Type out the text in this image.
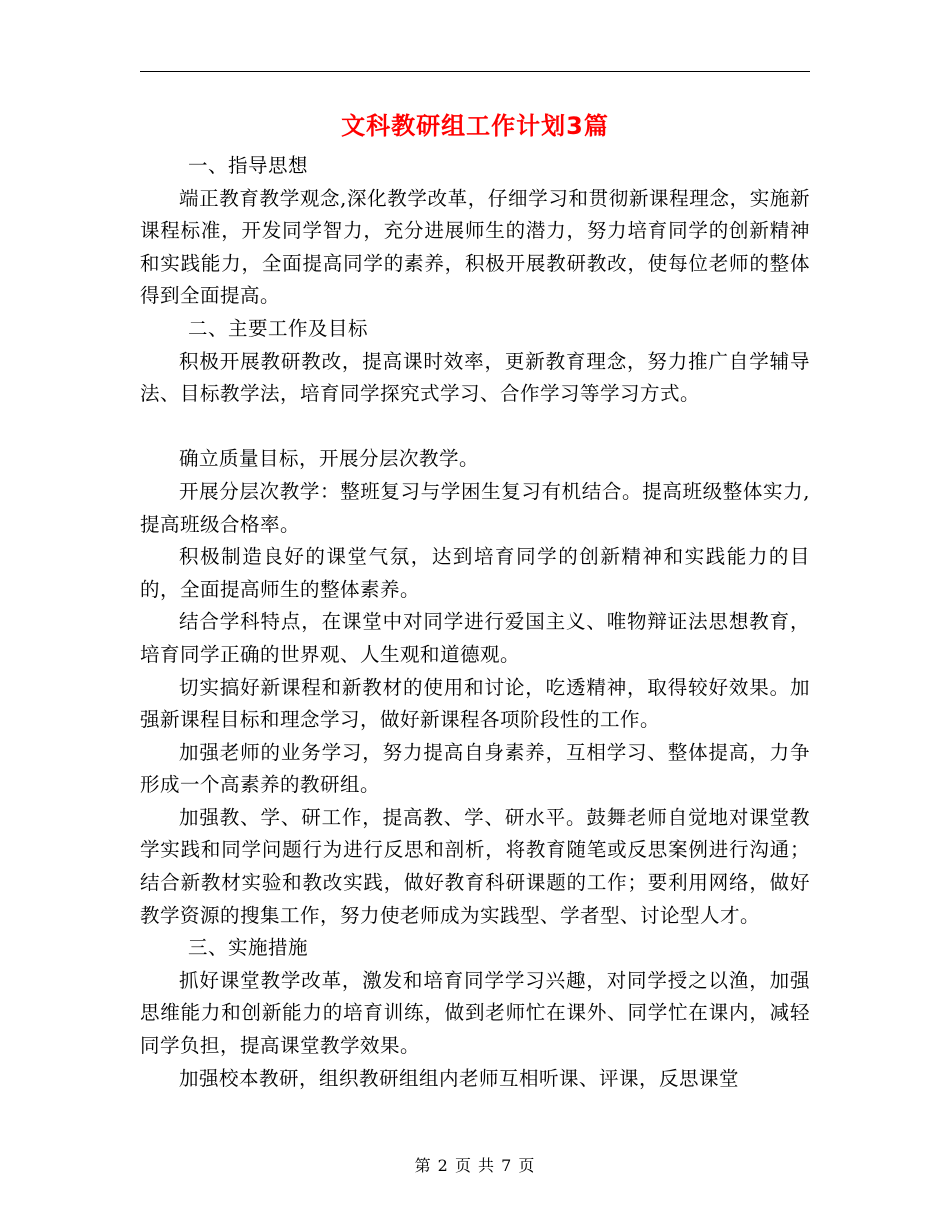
文科教研组工作计划3篇
一、指导思想
端正教育教学观念,深化教学改革，仔细学习和贯彻新课程理念，实施新课程标准，开发同学智力，充分进展师生的潜力，努力培育同学的创新精神和实践能力，全面提高同学的素养，积极开展教研教改，使每位老师的整体得到全面提高。
二、主要工作及目标
积极开展教研教改，提高课时效率，更新教育理念，努力推广自学辅导法、目标教学法，培育同学探究式学习、合作学习等学习方式。
确立质量目标，开展分层次教学。
开展分层次教学：整班复习与学困生复习有机结合。提高班级整体实力,提高班级合格率。
积极制造良好的课堂气氛，达到培育同学的创新精神和实践能力的目的，全面提高师生的整体素养。
结合学科特点，在课堂中对同学进行爱国主义、唯物辩证法思想教育，培育同学正确的世界观、人生观和道德观。
切实搞好新课程和新教材的使用和讨论，吃透精神，取得较好效果。加强新课程目标和理念学习，做好新课程各项阶段性的工作。
加强老师的业务学习，努力提高自身素养，互相学习、整体提高，力争形成一个高素养的教研组。
加强教、学、研工作，提高教、学、研水平。鼓舞老师自觉地对课堂教学实践和同学问题行为进行反思和剖析，将教育随笔或反思案例进行沟通；结合新教材实验和教改实践，做好教育科研课题的工作；要利用网络，做好教学资源的搜集工作，努力使老师成为实践型、学者型、讨论型人才。
三、实施措施
抓好课堂教学改革，激发和培育同学学习兴趣，对同学授之以渔，加强思维能力和创新能力的培育训练，做到老师忙在课外、同学忙在课内，减轻同学负担，提高课堂教学效果。
加强校本教研，组织教研组组内老师互相听课、评课，反思课堂
第 2 页 共 7 页
